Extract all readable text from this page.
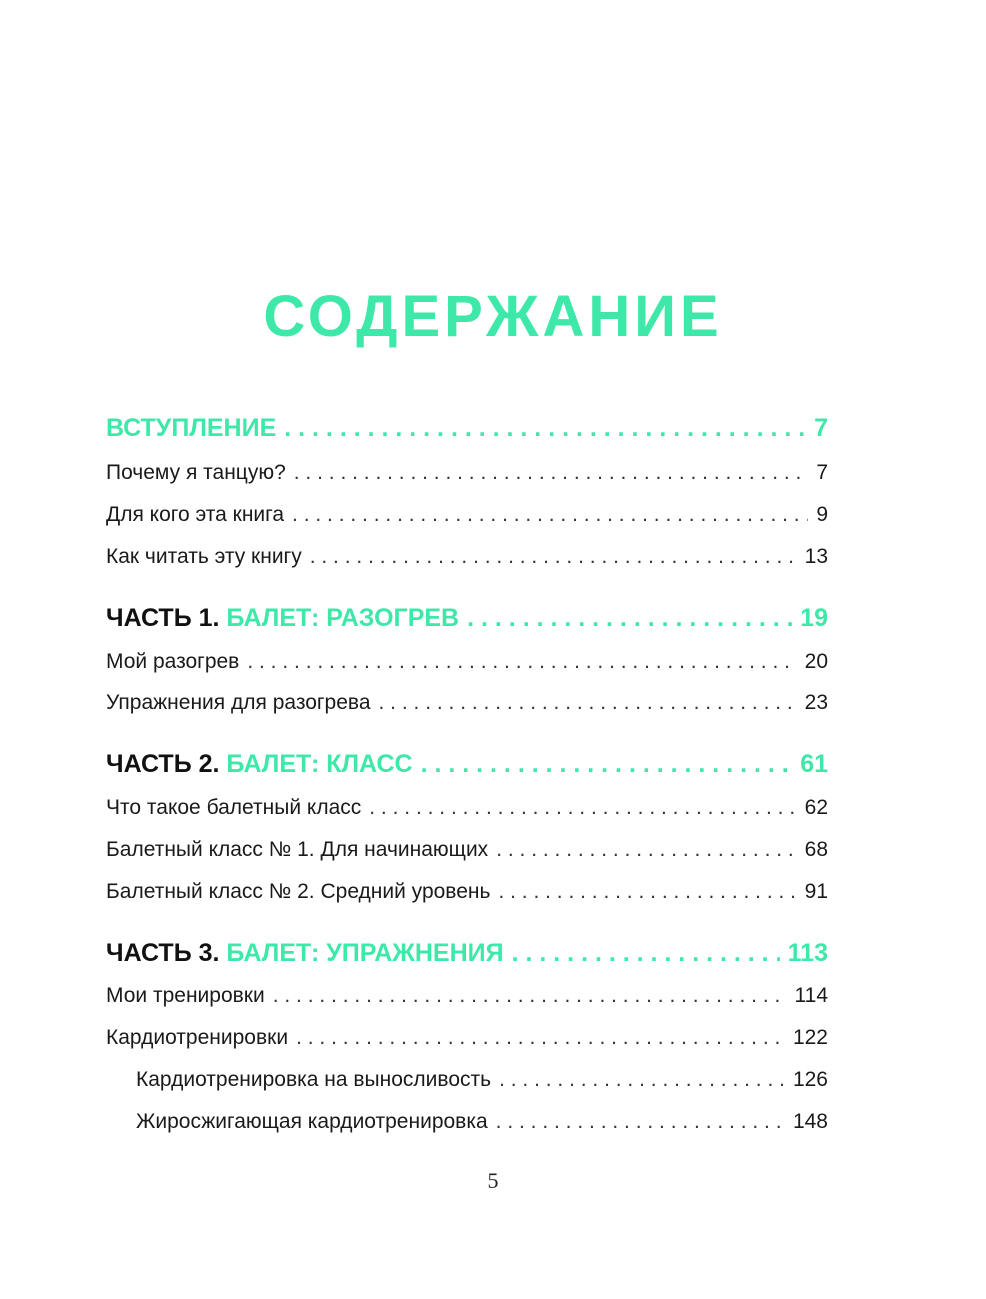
СОДЕРЖАНИЕ
ВСТУПЛЕНИЕ . . .	7
Почему я танцую? . . .	7
Для кого эта книга . . .	9
Как читать эту книгу . . .	13
ЧАСТЬ 1. БАЛЕТ: РАЗОГРЕВ . . .	19
Мой разогрев . . .	20
Упражнения для разогрева . . .	23
ЧАСТЬ 2. БАЛЕТ: КЛАСС . . .	61
Что такое балетный класс . . .	62
Балетный класс № 1. Для начинающих . . .	68
Балетный класс № 2. Средний уровень . . .	91
ЧАСТЬ 3. БАЛЕТ: УПРАЖНЕНИЯ . . .	113
Мои тренировки . . .	114
Кардиотренировки . . .	122
Кардиотренировка на выносливость . . .	126
Жиросжигающая кардиотренировка . . .	148
5
